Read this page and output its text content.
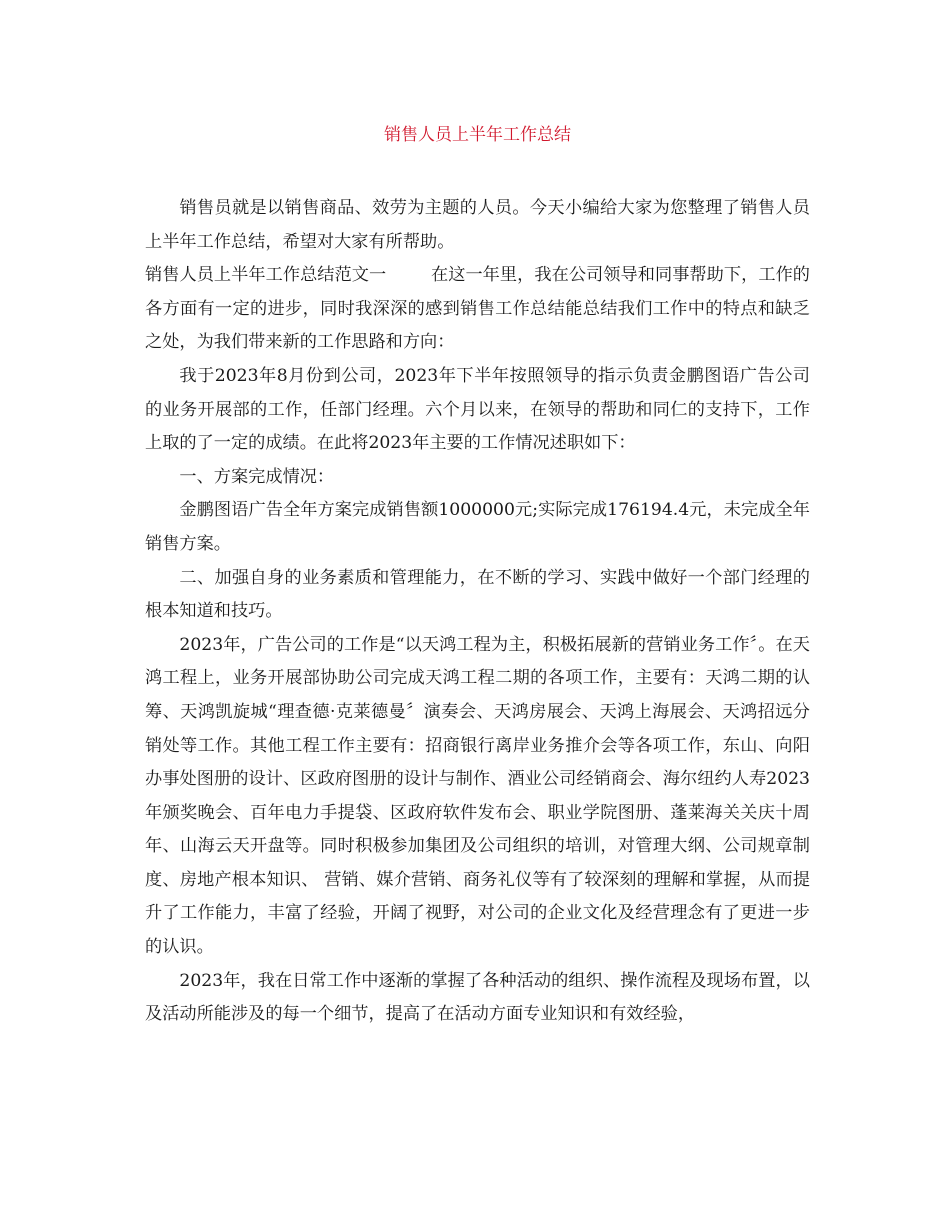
销售人员上半年工作总结

销售员就是以销售商品、效劳为主题的人员。今天小编给大家为您整理了销售人员上半年工作总结，希望对大家有所帮助。

销售人员上半年工作总结范文一	在这一年里，我在公司领导和同事帮助下，工作的各方面有一定的进步，同时我深深的感到销售工作总结能总结我们工作中的特点和缺乏之处，为我们带来新的工作思路和方向：

我于2023年8月份到公司，2023年下半年按照领导的指示负责金鹏图语广告公司的业务开展部的工作，任部门经理。六个月以来，在领导的帮助和同仁的支持下，工作上取的了一定的成绩。在此将2023年主要的工作情况述职如下：

一、方案完成情况：

金鹏图语广告全年方案完成销售额1000000元;实际完成176194.4元，未完成全年销售方案。

二、加强自身的业务素质和管理能力，在不断的学习、实践中做好一个部门经理的根本知道和技巧。

2023年，广告公司的工作是“以天鸿工程为主，积极拓展新的营销业务工作〞。在天鸿工程上，业务开展部协助公司完成天鸿工程二期的各项工作，主要有：天鸿二期的认筹、天鸿凯旋城“理查德·克莱德曼〞演奏会、天鸿房展会、天鸿上海展会、天鸿招远分销处等工作。其他工程工作主要有：招商银行离岸业务推介会等各项工作，东山、向阳办事处图册的设计、区政府图册的设计与制作、酒业公司经销商会、海尔纽约人寿2023年颁奖晚会、百年电力手提袋、区政府软件发布会、职业学院图册、蓬莱海关关庆十周年、山海云天开盘等。同时积极参加集团及公司组织的培训，对管理大纲、公司规章制度、房地产根本知识、 营销、媒介营销、商务礼仪等有了较深刻的理解和掌握，从而提升了工作能力，丰富了经验，开阔了视野，对公司的企业文化及经营理念有了更进一步的认识。

2023年，我在日常工作中逐渐的掌握了各种活动的组织、操作流程及现场布置，以及活动所能涉及的每一个细节，提高了在活动方面专业知识和有效经验，
